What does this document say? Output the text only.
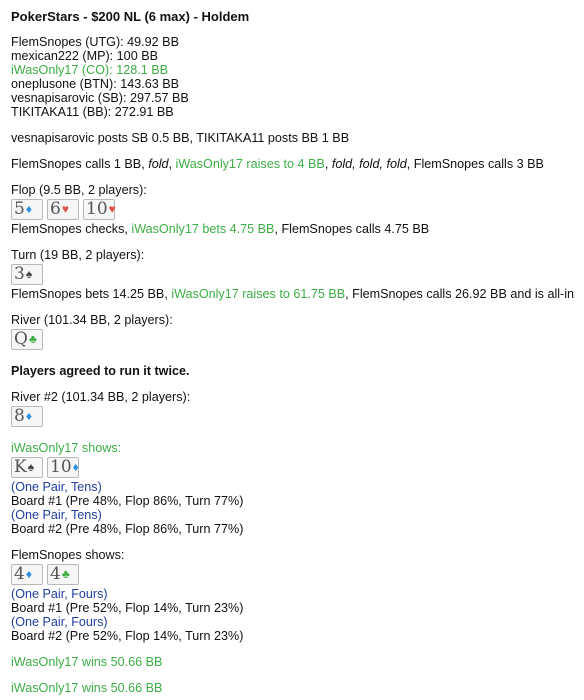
PokerStars - $200 NL (6 max) - Holdem
FlemSnopes (UTG): 49.92 BB
mexican222 (MP): 100 BB
iWasOnly17 (CO): 128.1 BB
oneplusone (BTN): 143.63 BB
vesnapisarovic (SB): 297.57 BB
TIKITAKA11 (BB): 272.91 BB
vesnapisarovic posts SB 0.5 BB, TIKITAKA11 posts BB 1 BB
FlemSnopes calls 1 BB, fold, iWasOnly17 raises to 4 BB, fold, fold, fold, FlemSnopes calls 3 BB
Flop (9.5 BB, 2 players):
5 ♦ 6 ♥ 10 ♥
FlemSnopes checks, iWasOnly17 bets 4.75 BB, FlemSnopes calls 4.75 BB
Turn (19 BB, 2 players):
3 ♠
FlemSnopes bets 14.25 BB, iWasOnly17 raises to 61.75 BB, FlemSnopes calls 26.92 BB and is all-in
River (101.34 BB, 2 players):
Q ♣
Players agreed to run it twice.
River #2 (101.34 BB, 2 players):
8 ♦
iWasOnly17 shows:
K ♠ 10 ♦
(One Pair, Tens)
Board #1 (Pre 48%, Flop 86%, Turn 77%)
(One Pair, Tens)
Board #2 (Pre 48%, Flop 86%, Turn 77%)
FlemSnopes shows:
4 ♦ 4 ♣
(One Pair, Fours)
Board #1 (Pre 52%, Flop 14%, Turn 23%)
(One Pair, Fours)
Board #2 (Pre 52%, Flop 14%, Turn 23%)
iWasOnly17 wins 50.66 BB
iWasOnly17 wins 50.66 BB
